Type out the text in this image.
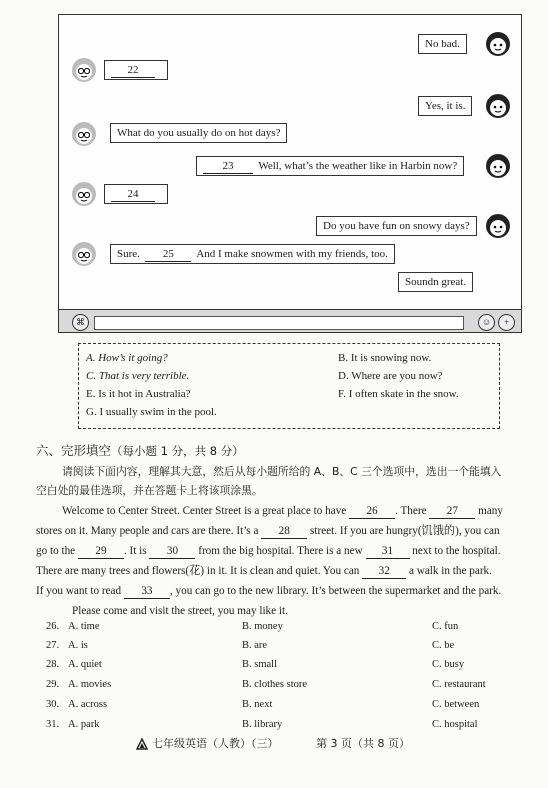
No bad.
22
Yes, it is.
What do you usually do on hot days?
23 Well, what’s the weather like in Harbin now?
24
Do you have fun on snowy days?
Sure. 25 And I make snowmen with my friends, too.
Soundn great.
⌘	☺	+
A. How’s it going?	B. It is snowing now.
C. That is very terrible.	D. Where are you now?
E. Is it hot in Australia?	F. I often skate in the snow.
G. I usually swim in the pool.
六、完形填空（每小题 1 分，共 8 分）
请阅读下面内容，理解其大意，然后从每小题所给的 A、B、C 三个选项中，选出一个能填入
空白处的最佳选项，并在答题卡上将该项涂黑。
Welcome to Center Street. Center Street is a great place to have 26 . There 27 many
stores on it. Many people and cars are there. It’s a 28 street. If you are hungry(饥饿的), you can
go to the 29 . It is 30 from the big hospital. There is a new 31 next to the hospital.
There are many trees and flowers(花) in it. It is clean and quiet. You can 32 a walk in the park.
If you want to read 33 , you can go to the new library. It’s between the supermarket and the park.
Please come and visit the street, you may like it.
26. A. time	B. money	C. fun
27. A. is	B. are	C. be
28. A. quiet	B. small	C. busy
29. A. movies	B. clothes store	C. restaurant
30. A. across	B. next	C. between
31. A. park	B. library	C. hospital
七年级英语（人教）（三）	第 3 页（共 8 页）
